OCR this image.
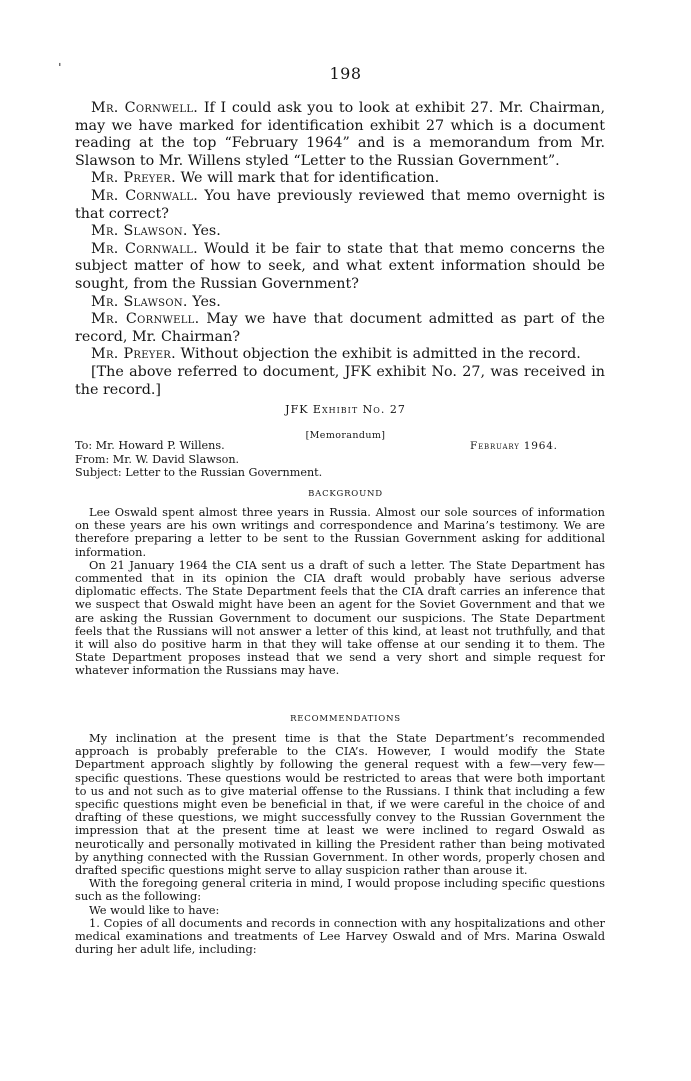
ˈ	198

Mr. Cornwell. If I could ask you to look at exhibit 27. Mr. Chairman, may we have marked for identification exhibit 27 which is a document reading at the top “February 1964” and is a memorandum from Mr. Slawson to Mr. Willens styled “Letter to the Russian Government”.

Mr. Preyer. We will mark that for identification.

Mr. Cornwall. You have previously reviewed that memo overnight is that correct?

Mr. Slawson. Yes.

Mr. Cornwall. Would it be fair to state that that memo concerns the subject matter of how to seek, and what extent information should be sought, from the Russian Government?

Mr. Slawson. Yes.

Mr. Cornwell. May we have that document admitted as part of the record, Mr. Chairman?

Mr. Preyer. Without objection the exhibit is admitted in the record.

[The above referred to document, JFK exhibit No. 27, was received in the record.]

JFK Exhibit No. 27
[Memorandum]
February 1964.
To: Mr. Howard P. Willens.
From: Mr. W. David Slawson.
Subject: Letter to the Russian Government.
BACKGROUND

Lee Oswald spent almost three years in Russia. Almost our sole sources of information on these years are his own writings and correspondence and Marina’s testimony. We are therefore preparing a letter to be sent to the Russian Government asking for additional information.

On 21 January 1964 the CIA sent us a draft of such a letter. The State Department has commented that in its opinion the CIA draft would probably have serious adverse diplomatic effects. The State Department feels that the CIA draft carries an inference that we suspect that Oswald might have been an agent for the Soviet Government and that we are asking the Russian Government to document our suspicions. The State Department feels that the Russians will not answer a letter of this kind, at least not truthfully, and that it will also do positive harm in that they will take offense at our sending it to them. The State Department proposes instead that we send a very short and simple request for whatever information the Russians may have.

RECOMMENDATIONS

My inclination at the present time is that the State Department’s recommended approach is probably preferable to the CIA’s. However, I would modify the State Department approach slightly by following the general request with a few—very few—specific questions. These questions would be restricted to areas that were both important to us and not such as to give material offense to the Russians. I think that including a few specific questions might even be beneficial in that, if we were careful in the choice of and drafting of these questions, we might successfully convey to the Russian Government the impression that at the present time at least we were inclined to regard Oswald as neurotically and personally motivated in killing the President rather than being motivated by anything connected with the Russian Government. In other words, properly chosen and drafted specific questions might serve to allay suspicion rather than arouse it.

With the foregoing general criteria in mind, I would propose including specific questions such as the following:

We would like to have:

1. Copies of all documents and records in connection with any hospitalizations and other medical examinations and treatments of Lee Harvey Oswald and of Mrs. Marina Oswald during her adult life, including:
